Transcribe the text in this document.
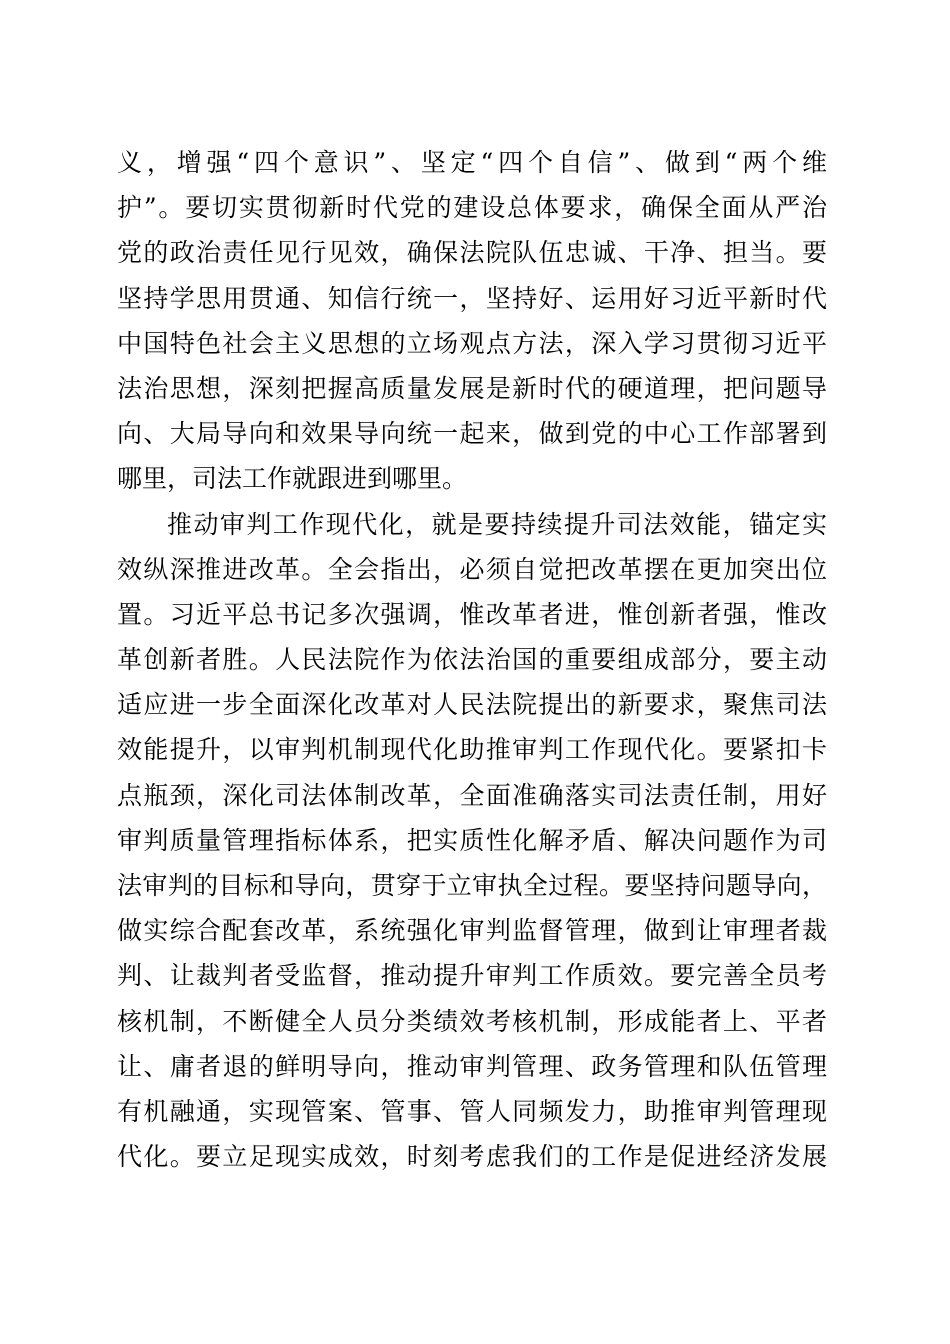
义，增强“四个意识”、坚定“四个自信”、做到“两个维
护”。要切实贯彻新时代党的建设总体要求，确保全面从严治
党的政治责任见行见效，确保法院队伍忠诚、干净、担当。要
坚持学思用贯通、知信行统一，坚持好、运用好习近平新时代
中国特色社会主义思想的立场观点方法，深入学习贯彻习近平
法治思想，深刻把握高质量发展是新时代的硬道理，把问题导
向、大局导向和效果导向统一起来，做到党的中心工作部署到
哪里，司法工作就跟进到哪里。
推动审判工作现代化，就是要持续提升司法效能，锚定实
效纵深推进改革。全会指出，必须自觉把改革摆在更加突出位
置。习近平总书记多次强调，惟改革者进，惟创新者强，惟改
革创新者胜。人民法院作为依法治国的重要组成部分，要主动
适应进一步全面深化改革对人民法院提出的新要求，聚焦司法
效能提升，以审判机制现代化助推审判工作现代化。要紧扣卡
点瓶颈，深化司法体制改革，全面准确落实司法责任制，用好
审判质量管理指标体系，把实质性化解矛盾、解决问题作为司
法审判的目标和导向，贯穿于立审执全过程。要坚持问题导向，
做实综合配套改革，系统强化审判监督管理，做到让审理者裁
判、让裁判者受监督，推动提升审判工作质效。要完善全员考
核机制，不断健全人员分类绩效考核机制，形成能者上、平者
让、庸者退的鲜明导向，推动审判管理、政务管理和队伍管理
有机融通，实现管案、管事、管人同频发力，助推审判管理现
代化。要立足现实成效，时刻考虑我们的工作是促进经济发展
